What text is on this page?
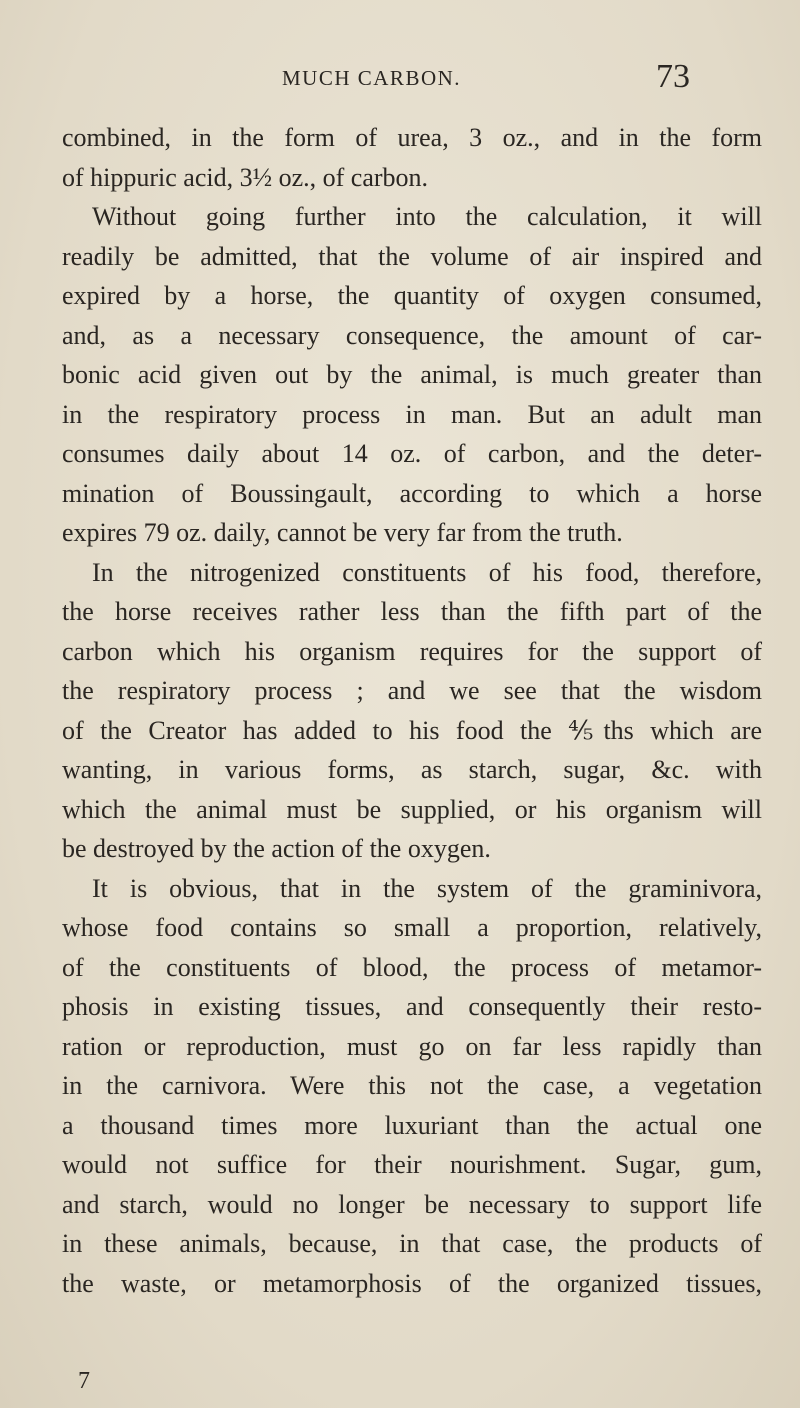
MUCH CARBON.	73
combined, in the form of urea, 3 oz., and in the form
of hippuric acid, 3½ oz., of carbon.
Without going further into the calculation, it will
readily be admitted, that the volume of air inspired and
expired by a horse, the quantity of oxygen consumed,
and, as a necessary consequence, the amount of car-
bonic acid given out by the animal, is much greater than
in the respiratory process in man. But an adult man
consumes daily about 14 oz. of carbon, and the deter-
mination of Boussingault, according to which a horse
expires 79 oz. daily, cannot be very far from the truth.
In the nitrogenized constituents of his food, therefore,
the horse receives rather less than the fifth part of the
carbon which his organism requires for the support of
the respiratory process ; and we see that the wisdom
of the Creator has added to his food the ⅘ths which are
wanting, in various forms, as starch, sugar, &c. with
which the animal must be supplied, or his organism will
be destroyed by the action of the oxygen.
It is obvious, that in the system of the graminivora,
whose food contains so small a proportion, relatively,
of the constituents of blood, the process of metamor-
phosis in existing tissues, and consequently their resto-
ration or reproduction, must go on far less rapidly than
in the carnivora. Were this not the case, a vegetation
a thousand times more luxuriant than the actual one
would not suffice for their nourishment. Sugar, gum,
and starch, would no longer be necessary to support life
in these animals, because, in that case, the products of
the waste, or metamorphosis of the organized tissues,
7
